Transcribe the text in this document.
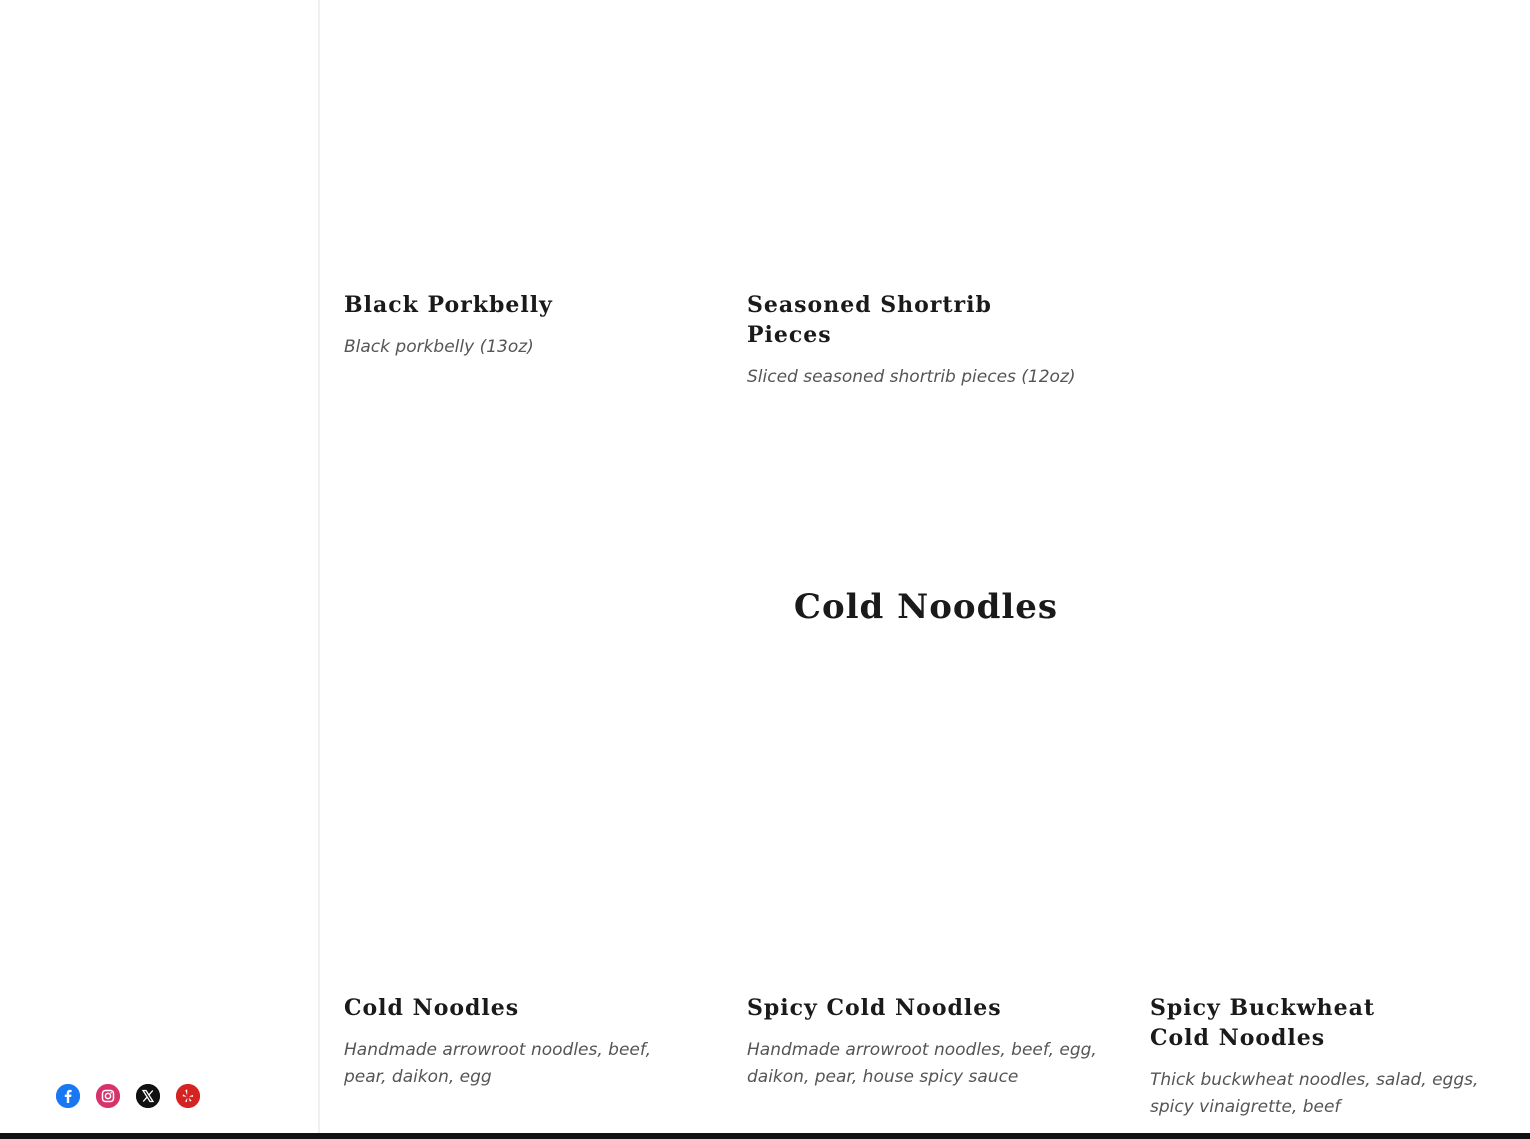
Black Porkbelly

Black porkbelly (13oz)

Seasoned Shortrib Pieces

Sliced seasoned shortrib pieces (12oz)

Cold Noodles
Cold Noodles

Handmade arrowroot noodles, beef, pear, daikon, egg

Spicy Cold Noodles

Handmade arrowroot noodles, beef, egg, daikon, pear, house spicy sauce

Spicy Buckwheat Cold Noodles

Thick buckwheat noodles, salad, eggs, spicy vinaigrette, beef
